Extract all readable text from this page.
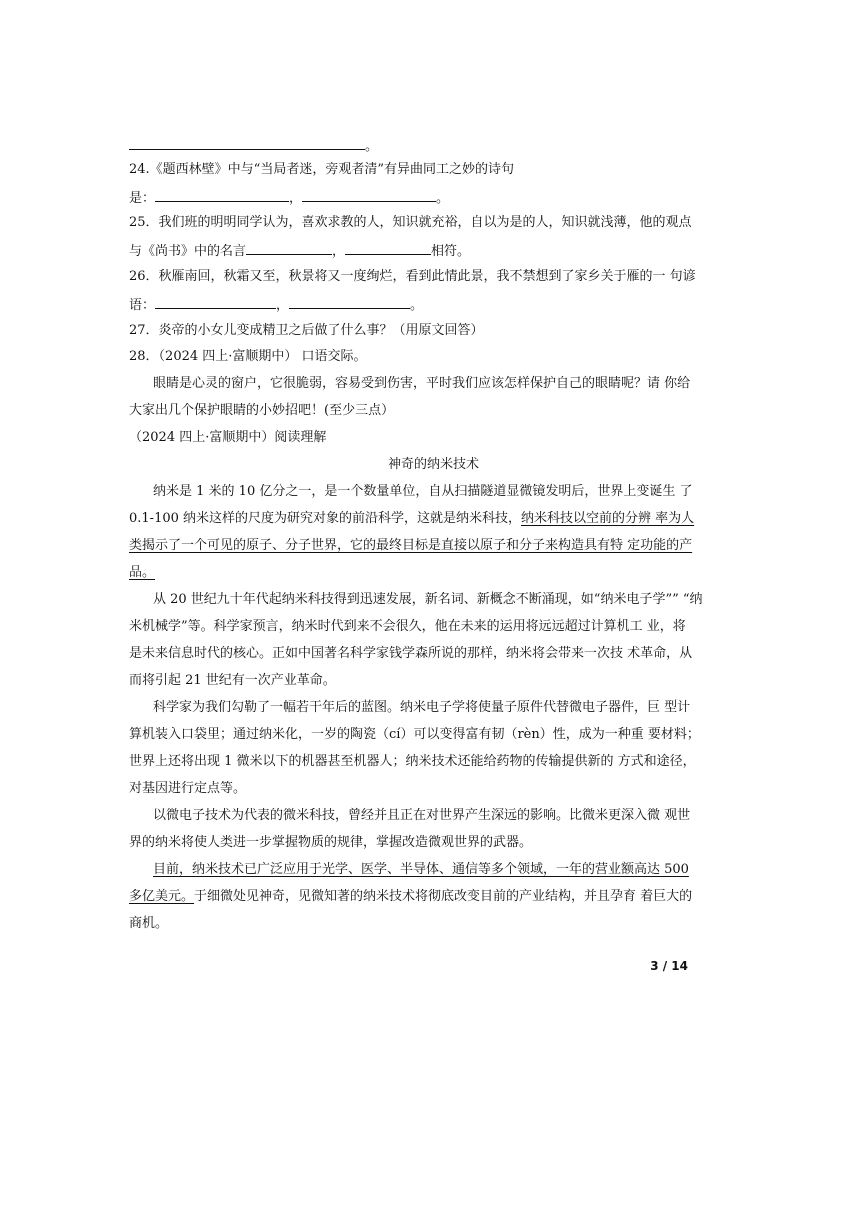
。
24.《题西林壁》中与“当局者迷，旁观者清”有异曲同工之妙的诗句
是：	，	。
25．我们班的明明同学认为，喜欢求教的人，知识就充裕，自以为是的人，知识就浅薄，他的观点
与《尚书》中的名言	，	相符。
26．秋雁南回，秋霜又至，秋景将又一度绚烂，看到此情此景，我不禁想到了家乡关于雁的一 句谚
语：	，	。
27．炎帝的小女儿变成精卫之后做了什么事？（用原文回答）
28．（2024 四上·富顺期中） 口语交际。
眼睛是心灵的窗户，它很脆弱，容易受到伤害，平时我们应该怎样保护自己的眼睛呢？请 你给
大家出几个保护眼睛的小妙招吧！(至少三点）
（2024 四上·富顺期中）阅读理解
神奇的纳米技术
纳米是 1 米的 10 亿分之一，是一个数量单位，自从扫描隧道显微镜发明后，世界上变诞生 了
0.1-100 纳米这样的尺度为研究对象的前沿科学，这就是纳米科技，纳米科技以空前的分辨 率为人
类揭示了一个可见的原子、分子世界，它的最终目标是直接以原子和分子来构造具有特 定功能的产
品。
从 20 世纪九十年代起纳米科技得到迅速发展，新名词、新概念不断涌现，如“纳米电子学”” “纳
米机械学”等。科学家预言，纳米时代到来不会很久，他在未来的运用将远远超过计算机工 业，将
是未来信息时代的核心。正如中国著名科学家钱学森所说的那样，纳米将会带来一次技 术革命，从
而将引起 21 世纪有一次产业革命。
科学家为我们勾勒了一幅若干年后的蓝图。纳米电子学将使量子原件代替微电子器件，巨 型计
算机装入口袋里；通过纳米化，一岁的陶瓷（cí）可以变得富有韧（rèn）性，成为一种重 要材料；
世界上还将出现 1 微米以下的机器甚至机器人；纳米技术还能给药物的传输提供新的 方式和途径，
对基因进行定点等。
以微电子技术为代表的微米科技，曾经并且正在对世界产生深远的影响。比微米更深入微 观世
界的纳米将使人类进一步掌握物质的规律，掌握改造微观世界的武器。
目前，纳米技术已广泛应用于光学、医学、半导体、通信等多个领域，一年的营业额高达 500
多亿美元。于细微处见神奇，见微知著的纳米技术将彻底改变目前的产业结构，并且孕育 着巨大的
商机。
3 / 14
